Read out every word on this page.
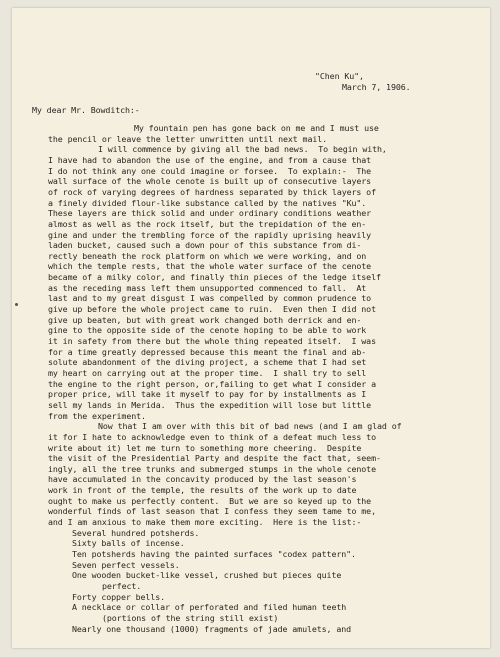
"Chen Ku",
March 7, 1906.
My dear Mr. Bowditch:-
My fountain pen has gone back on me and I must use
the pencil or leave the letter unwritten until next mail.
I will commence by giving all the bad news.  To begin with,
I have had to abandon the use of the engine, and from a cause that
I do not think any one could imagine or forsee.  To explain:-  The
wall surface of the whole cenote is built up of consecutive layers
of rock of varying degrees of hardness separated by thick layers of
a finely divided flour-like substance called by the natives "Ku".
These layers are thick solid and under ordinary conditions weather
almost as well as the rock itself, but the trepidation of the en-
gine and under the trembling force of the rapidly uprising heavily
laden bucket, caused such a down pour of this substance from di-
rectly beneath the rock platform on which we were working, and on
which the temple rests, that the whole water surface of the cenote
became of a milky color, and finally thin pieces of the ledge itself
as the receding mass left them unsupported commenced to fall.  At
last and to my great disgust I was compelled by common prudence to
give up before the whole project came to ruin.  Even then I did not
give up beaten, but with great work changed both derrick and en-
gine to the opposite side of the cenote hoping to be able to work
it in safety from there but the whole thing repeated itself.  I was
for a time greatly depressed because this meant the final and ab-
solute abandonment of the diving project, a scheme that I had set
my heart on carrying out at the proper time.  I shall try to sell
the engine to the right person, or,failing to get what I consider a
proper price, will take it myself to pay for by installments as I
sell my lands in Merida.  Thus the expedition will lose but little
from the experiment.
Now that I am over with this bit of bad news (and I am glad of
it for I hate to acknowledge even to think of a defeat much less to
write about it) let me turn to something more cheering.  Despite
the visit of the Presidential Party and despite the fact that, seem-
ingly, all the tree trunks and submerged stumps in the whole cenote
have accumulated in the concavity produced by the last season's
work in front of the temple, the results of the work up to date
ought to make us perfectly content.  But we are so keyed up to the
wonderful finds of last season that I confess they seem tame to me,
and I am anxious to make them more exciting.  Here is the list:-
Several hundred potsherds.
Sixty balls of incense.
Ten potsherds having the painted surfaces "codex pattern".
Seven perfect vessels.
One wooden bucket-like vessel, crushed but pieces quite
perfect.
Forty copper bells.
A necklace or collar of perforated and filed human teeth
(portions of the string still exist)
Nearly one thousand (1000) fragments of jade amulets, and
